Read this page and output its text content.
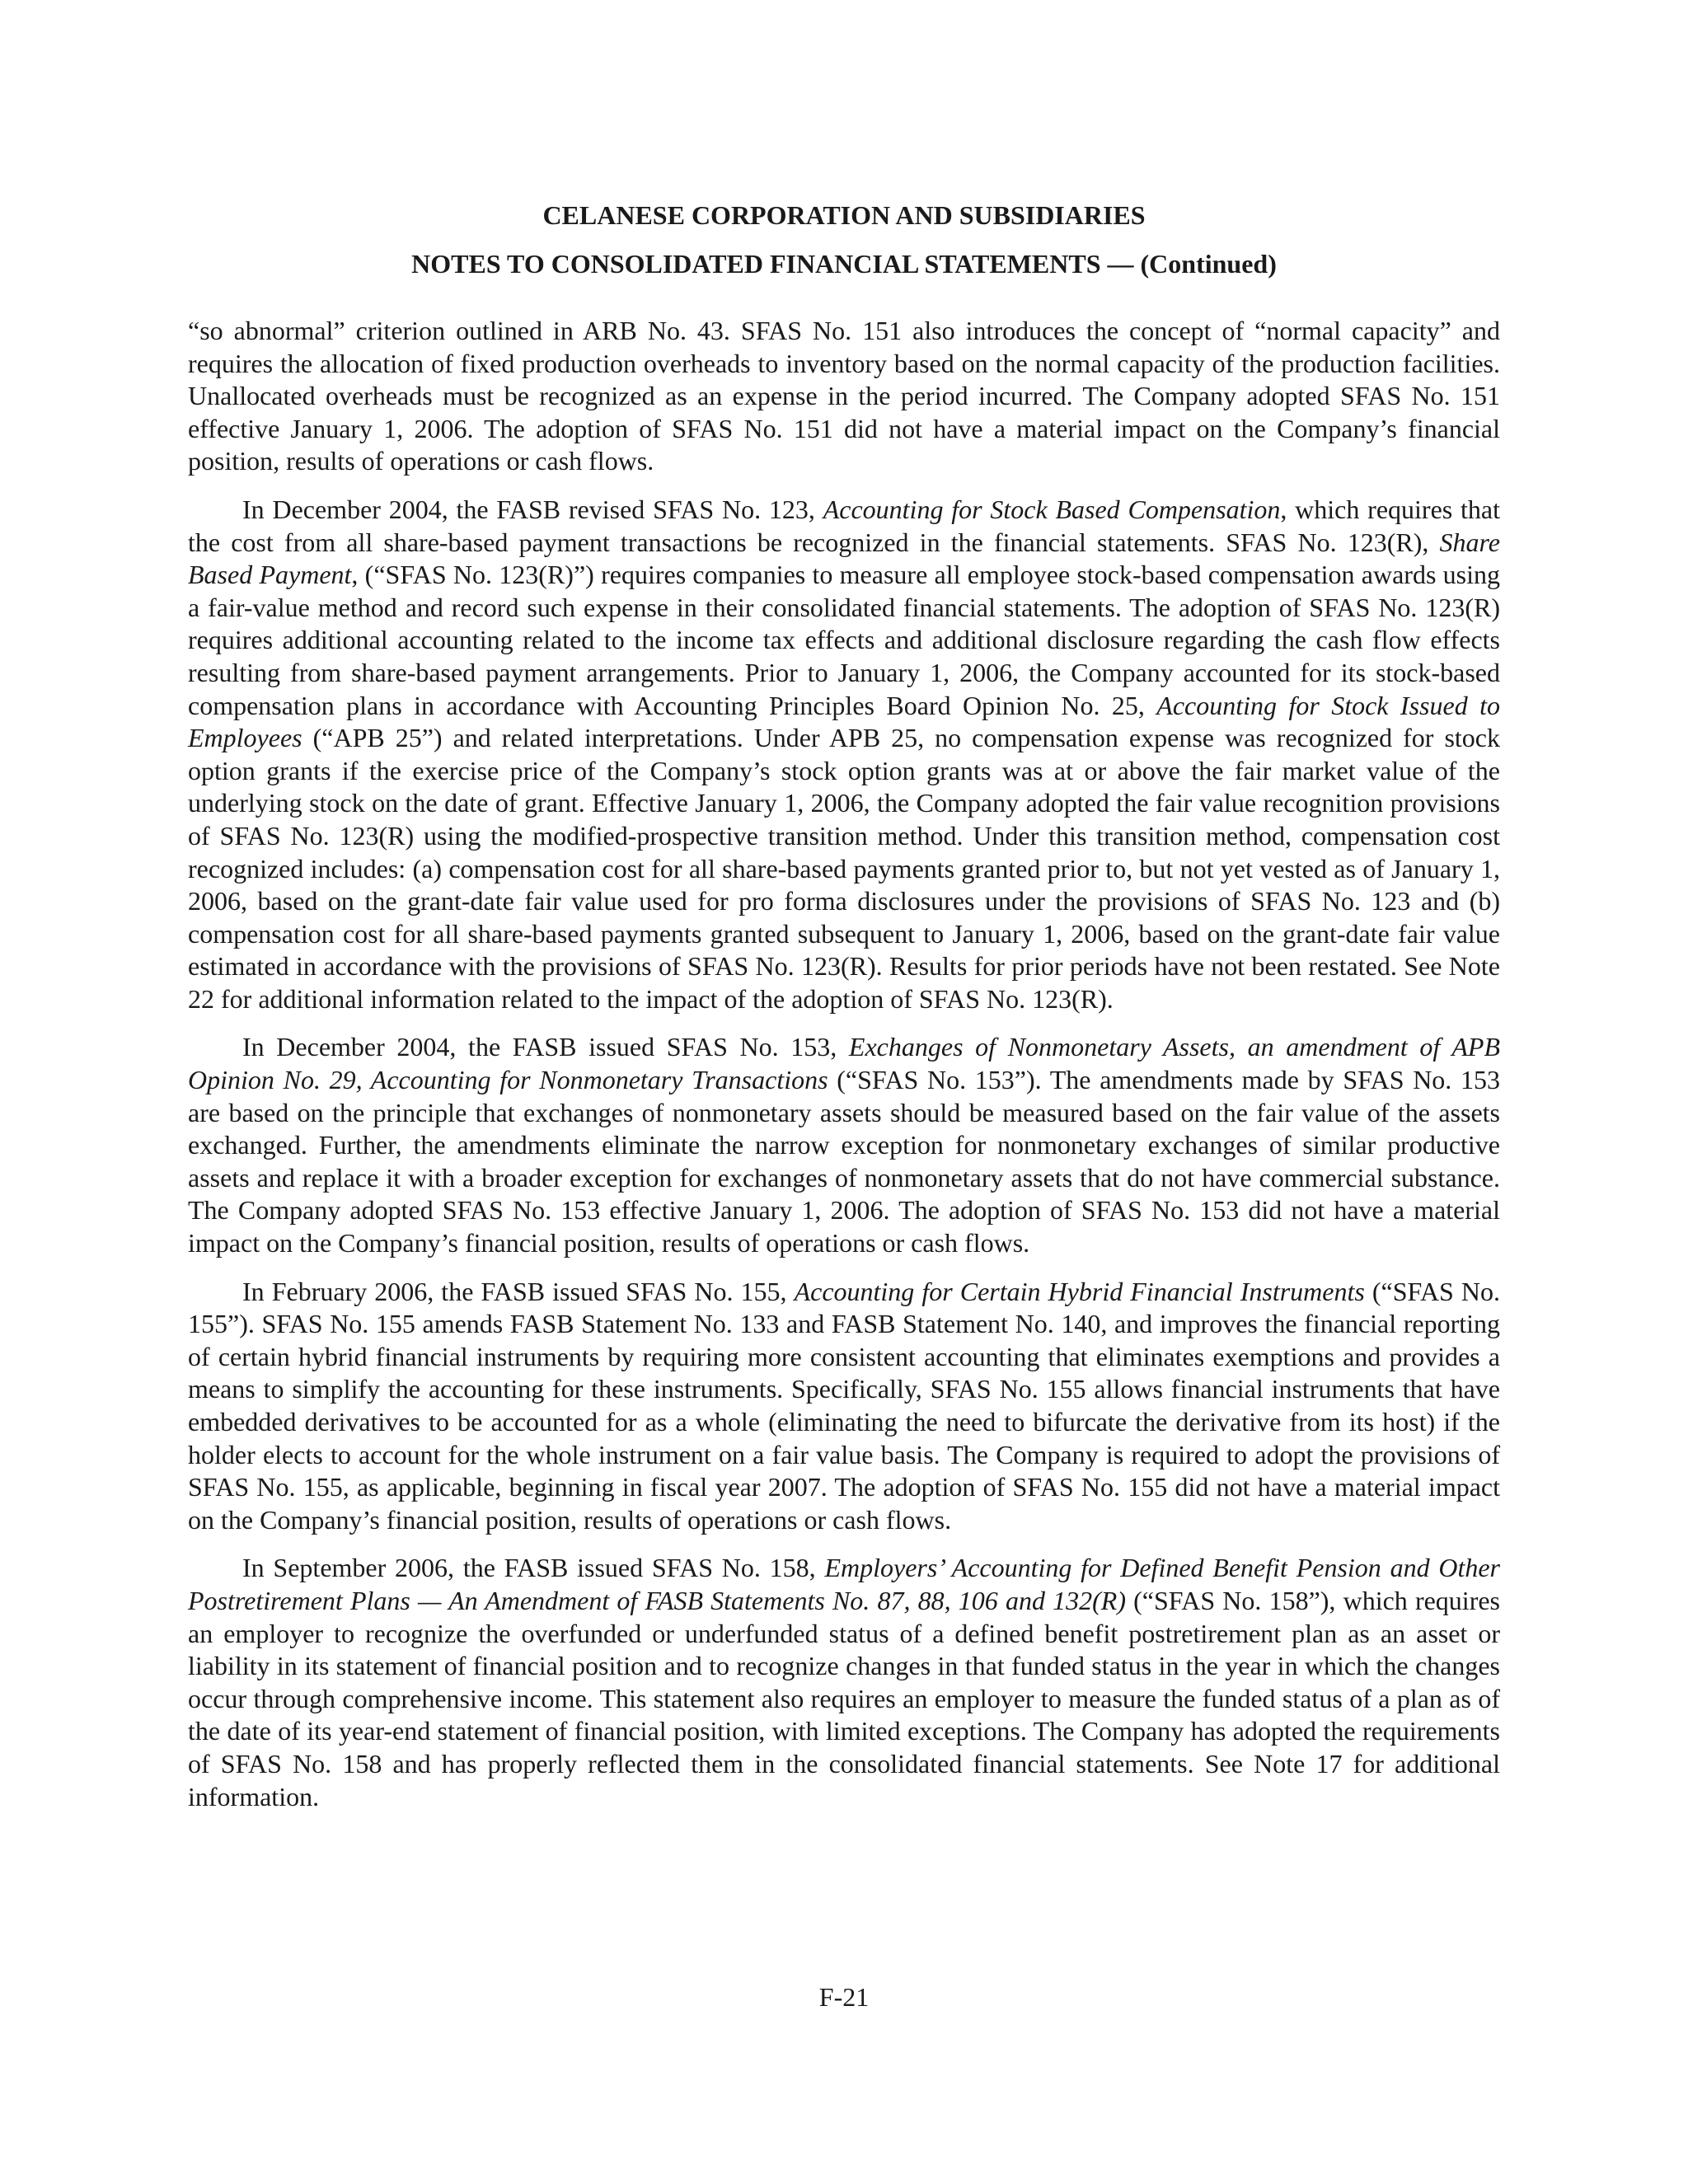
CELANESE CORPORATION AND SUBSIDIARIES
NOTES TO CONSOLIDATED FINANCIAL STATEMENTS — (Continued)

“so abnormal” criterion outlined in ARB No. 43. SFAS No. 151 also introduces the concept of “normal capacity” and requires the allocation of fixed production overheads to inventory based on the normal capacity of the production facilities. Unallocated overheads must be recognized as an expense in the period incurred. The Company adopted SFAS No. 151 effective January 1, 2006. The adoption of SFAS No. 151 did not have a material impact on the Company’s financial position, results of operations or cash flows.

In December 2004, the FASB revised SFAS No. 123, Accounting for Stock Based Compensation, which requires that the cost from all share-based payment transactions be recognized in the financial statements. SFAS No. 123(R), Share Based Payment, (“SFAS No. 123(R)”) requires companies to measure all employee stock-based compensation awards using a fair-value method and record such expense in their consolidated financial statements. The adoption of SFAS No. 123(R) requires additional accounting related to the income tax effects and additional disclosure regarding the cash flow effects resulting from share-based payment arrangements. Prior to January 1, 2006, the Company accounted for its stock-based compensation plans in accordance with Accounting Principles Board Opinion No. 25, Accounting for Stock Issued to Employees (“APB 25”) and related interpretations. Under APB 25, no compensation expense was recognized for stock option grants if the exercise price of the Company’s stock option grants was at or above the fair market value of the underlying stock on the date of grant. Effective January 1, 2006, the Company adopted the fair value recognition provisions of SFAS No. 123(R) using the modified-prospective transition method. Under this transition method, compensation cost recognized includes: (a) compensation cost for all share-based payments granted prior to, but not yet vested as of January 1, 2006, based on the grant-date fair value used for pro forma disclosures under the provisions of SFAS No. 123 and (b) compensation cost for all share-based payments granted subsequent to January 1, 2006, based on the grant-date fair value estimated in accordance with the provisions of SFAS No. 123(R). Results for prior periods have not been restated. See Note 22 for additional information related to the impact of the adoption of SFAS No. 123(R).

In December 2004, the FASB issued SFAS No. 153, Exchanges of Nonmonetary Assets, an amendment of APB Opinion No. 29, Accounting for Nonmonetary Transactions (“SFAS No. 153”). The amendments made by SFAS No. 153 are based on the principle that exchanges of nonmonetary assets should be measured based on the fair value of the assets exchanged. Further, the amendments eliminate the narrow exception for nonmonetary exchanges of similar productive assets and replace it with a broader exception for exchanges of nonmonetary assets that do not have commercial substance. The Company adopted SFAS No. 153 effective January 1, 2006. The adoption of SFAS No. 153 did not have a material impact on the Company’s financial position, results of operations or cash flows.

In February 2006, the FASB issued SFAS No. 155, Accounting for Certain Hybrid Financial Instruments (“SFAS No. 155”). SFAS No. 155 amends FASB Statement No. 133 and FASB Statement No. 140, and improves the financial reporting of certain hybrid financial instruments by requiring more consistent accounting that eliminates exemptions and provides a means to simplify the accounting for these instruments. Specifically, SFAS No. 155 allows financial instruments that have embedded derivatives to be accounted for as a whole (eliminating the need to bifurcate the derivative from its host) if the holder elects to account for the whole instrument on a fair value basis. The Company is required to adopt the provisions of SFAS No. 155, as applicable, beginning in fiscal year 2007. The adoption of SFAS No. 155 did not have a material impact on the Company’s financial position, results of operations or cash flows.

In September 2006, the FASB issued SFAS No. 158, Employers’ Accounting for Defined Benefit Pension and Other Postretirement Plans — An Amendment of FASB Statements No. 87, 88, 106 and 132(R) (“SFAS No. 158”), which requires an employer to recognize the overfunded or underfunded status of a defined benefit postretirement plan as an asset or liability in its statement of financial position and to recognize changes in that funded status in the year in which the changes occur through comprehensive income. This statement also requires an employer to measure the funded status of a plan as of the date of its year-end statement of financial position, with limited exceptions. The Company has adopted the requirements of SFAS No. 158 and has properly reflected them in the consolidated financial statements. See Note 17 for additional information.

F-21
